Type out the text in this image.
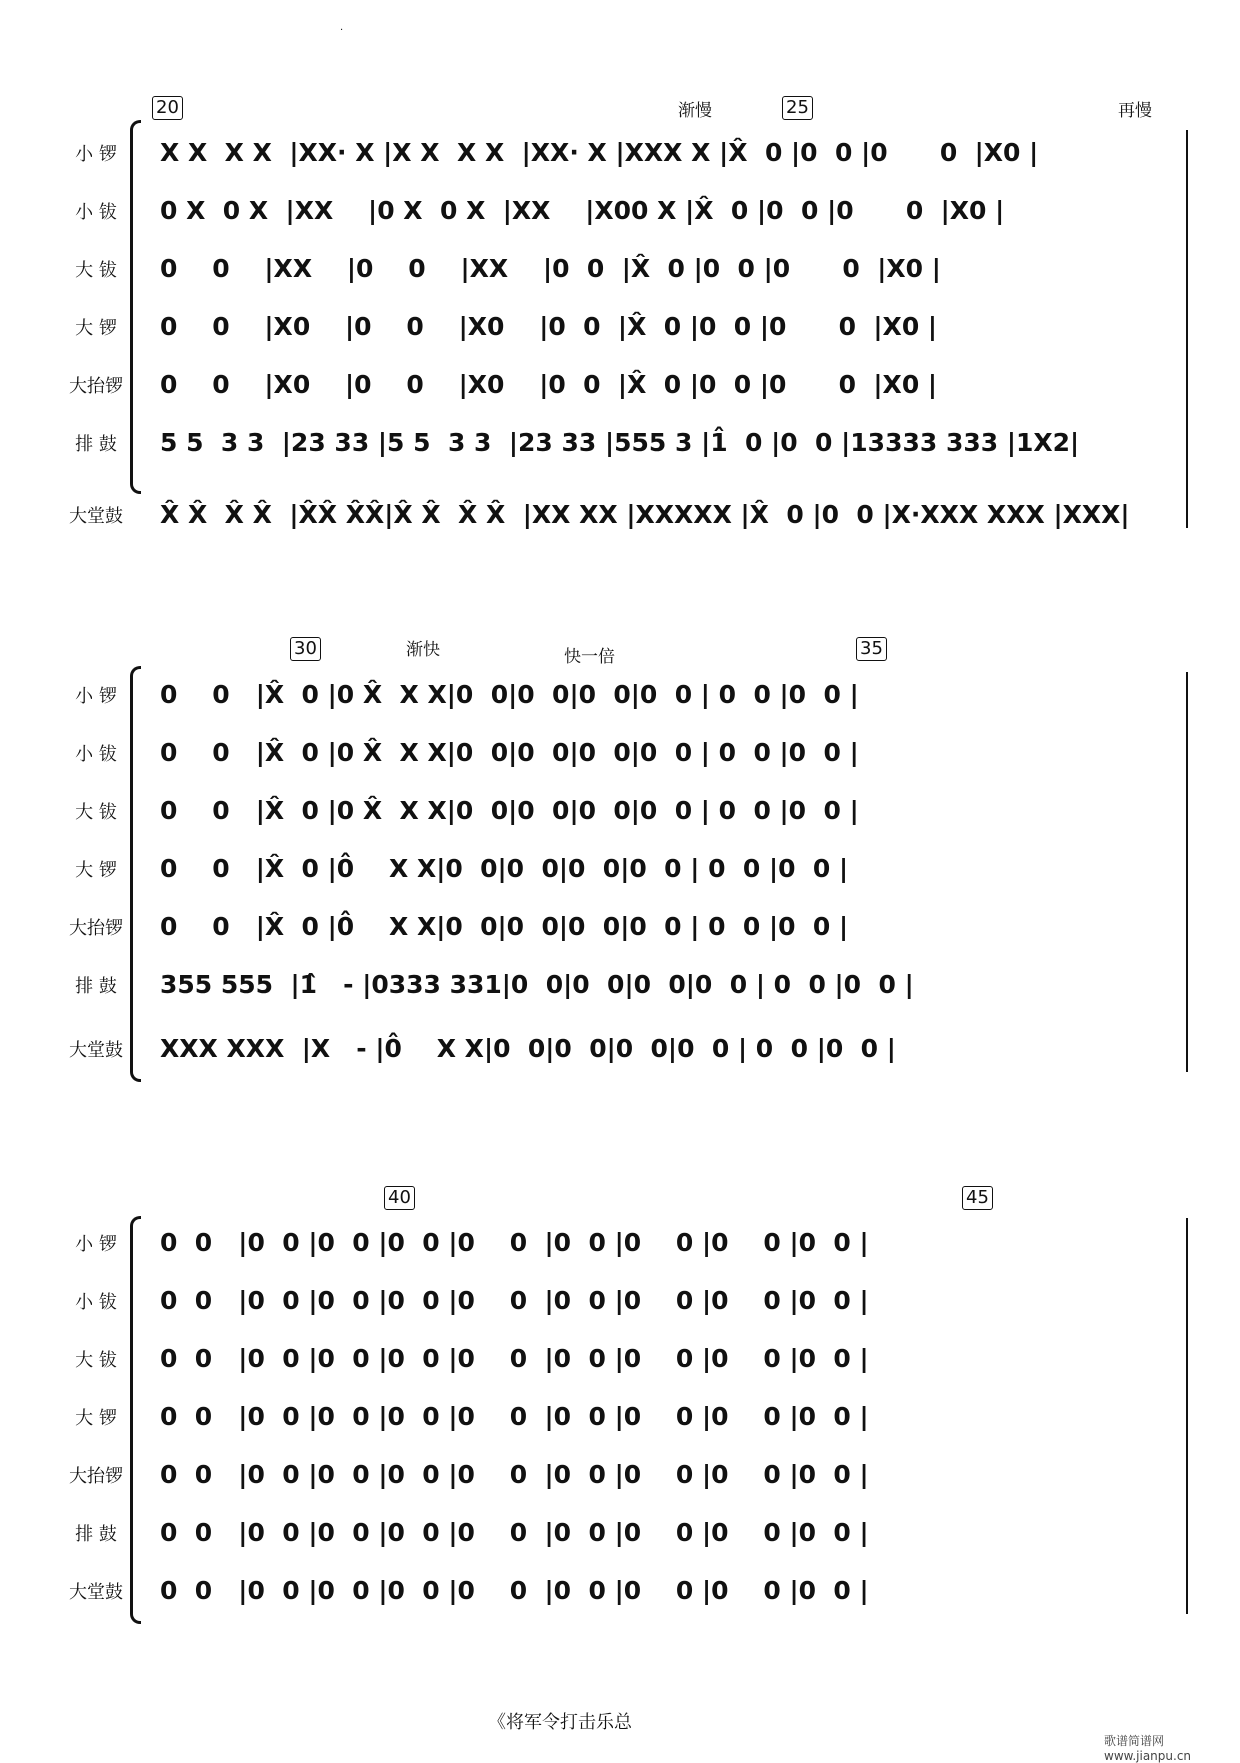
·
20	25
渐慢	再慢
小 锣	X X  X X  |XX· X |X X  X X  |XX· X |XXX X |X̂  0 |0  0 |0      0  |X0 |
小 钹	0 X  0 X  |XX    |0 X  0 X  |XX    |X00 X |X̂  0 |0  0 |0      0  |X0 |
大 钹	0    0    |XX    |0    0    |XX    |0  0  |X̂  0 |0  0 |0      0  |X0 |
大 锣	0    0    |X0    |0    0    |X0    |0  0  |X̂  0 |0  0 |0      0  |X0 |
大抬锣	0    0    |X0    |0    0    |X0    |0  0  |X̂  0 |0  0 |0      0  |X0 |
排 鼓	5 5  3 3  |23 33 |5 5  3 3  |23 33 |555 3 |1̂  0 |0  0 |13333 333 |1X2|
大堂鼓	X̂ X̂  X̂ X̂  |X̂X̂ X̂X̂|X̂ X̂  X̂ X̂  |XX XX |XXXXX |X̂  0 |0  0 |X·XXX XXX |XXX|
30	35
渐快	快一倍
小 锣	0    0   |X̂  0 |0 X̂  X X|0  0|0  0|0  0|0  0 | 0  0 |0  0 |
小 钹	0    0   |X̂  0 |0 X̂  X X|0  0|0  0|0  0|0  0 | 0  0 |0  0 |
大 钹	0    0   |X̂  0 |0 X̂  X X|0  0|0  0|0  0|0  0 | 0  0 |0  0 |
大 锣	0    0   |X̂  0 |0̂    X X|0  0|0  0|0  0|0  0 | 0  0 |0  0 |
大抬锣	0    0   |X̂  0 |0̂    X X|0  0|0  0|0  0|0  0 | 0  0 |0  0 |
排 鼓	355 555  |1̂   - |0333 331|0  0|0  0|0  0|0  0 | 0  0 |0  0 |
大堂鼓	XXX XXX  |X   - |0̂    X X|0  0|0  0|0  0|0  0 | 0  0 |0  0 |
40	45
小 锣	0  0   |0  0 |0  0 |0  0 |0    0  |0  0 |0    0 |0    0 |0  0 |
小 钹	0  0   |0  0 |0  0 |0  0 |0    0  |0  0 |0    0 |0    0 |0  0 |
大 钹	0  0   |0  0 |0  0 |0  0 |0    0  |0  0 |0    0 |0    0 |0  0 |
大 锣	0  0   |0  0 |0  0 |0  0 |0    0  |0  0 |0    0 |0    0 |0  0 |
大抬锣	0  0   |0  0 |0  0 |0  0 |0    0  |0  0 |0    0 |0    0 |0  0 |
排 鼓	0  0   |0  0 |0  0 |0  0 |0    0  |0  0 |0    0 |0    0 |0  0 |
大堂鼓	0  0   |0  0 |0  0 |0  0 |0    0  |0  0 |0    0 |0    0 |0  0 |
《将军令打击乐总
歌谱简谱网 www.jianpu.cn
